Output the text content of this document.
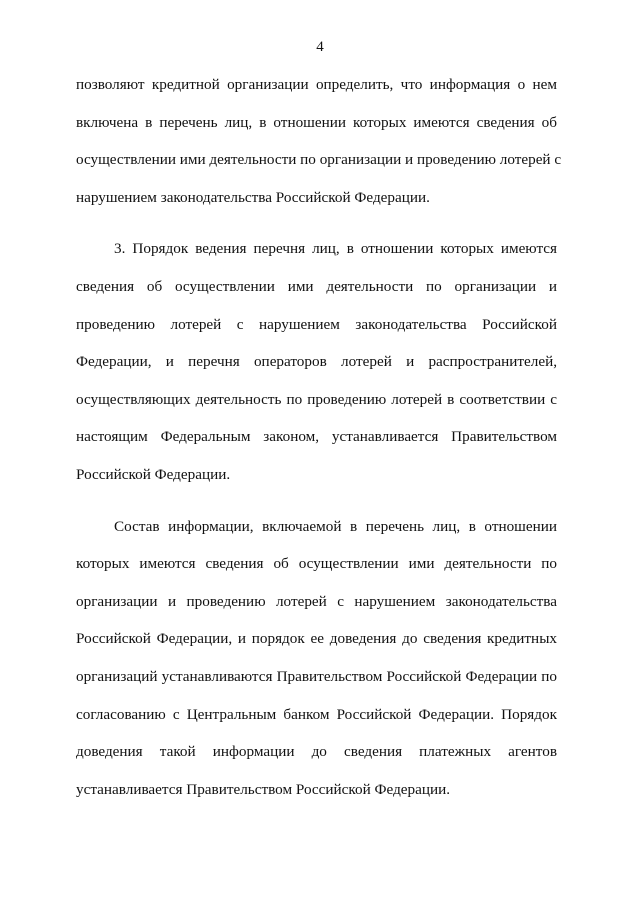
4
позволяют кредитной организации определить, что информация о нем
включена в перечень лиц, в отношении которых имеются сведения об
осуществлении ими деятельности по организации и проведению лотерей с
нарушением законодательства Российской Федерации.
3. Порядок ведения перечня лиц, в отношении которых имеются
сведения об осуществлении ими деятельности по организации и
проведению лотерей с нарушением законодательства Российской
Федерации, и перечня операторов лотерей и распространителей,
осуществляющих деятельность по проведению лотерей в соответствии с
настоящим Федеральным законом, устанавливается Правительством
Российской Федерации.
Состав информации, включаемой в перечень лиц, в отношении
которых имеются сведения об осуществлении ими деятельности по
организации и проведению лотерей с нарушением законодательства
Российской Федерации, и порядок ее доведения до сведения кредитных
организаций устанавливаются Правительством Российской Федерации по
согласованию с Центральным банком Российской Федерации. Порядок
доведения такой информации до сведения платежных агентов
устанавливается Правительством Российской Федерации.
